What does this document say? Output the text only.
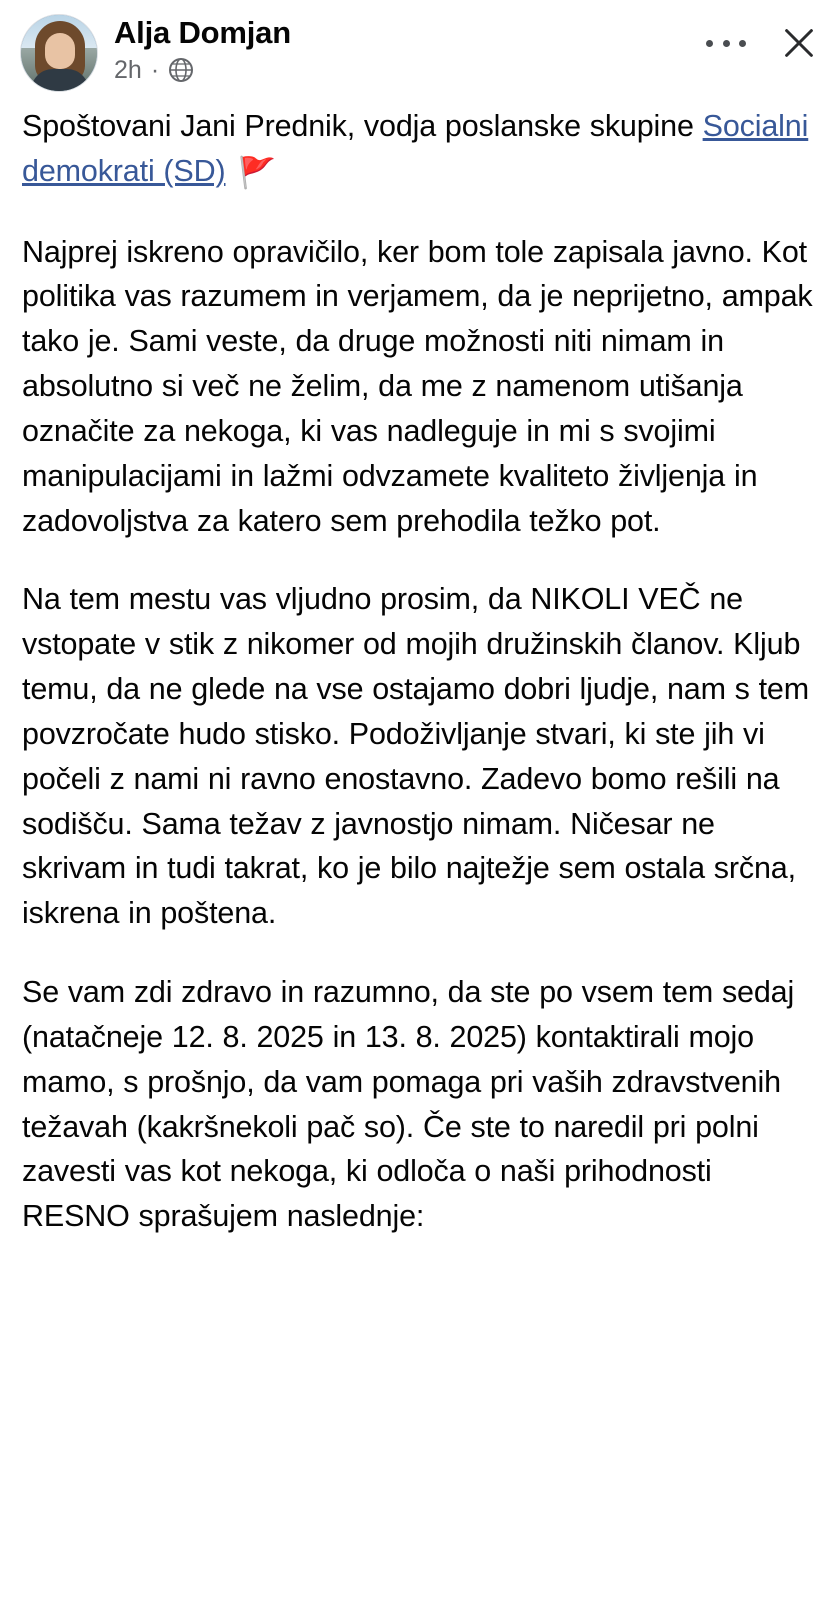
Alja Domjan
2h ·

Spoštovani Jani Prednik, vodja poslanske skupine Socialni demokrati (SD) 🚩

Najprej iskreno opravičilo, ker bom tole zapisala javno. Kot politika vas razumem in verjamem, da je neprijetno, ampak tako je. Sami veste, da druge možnosti niti nimam in absolutno si več ne želim, da me z namenom utišanja označite za nekoga, ki vas nadleguje in mi s svojimi manipulacijami in lažmi odvzamete kvaliteto življenja in zadovoljstva za katero sem prehodila težko pot.

Na tem mestu vas vljudno prosim, da NIKOLI VEČ ne vstopate v stik z nikomer od mojih družinskih članov. Kljub temu, da ne glede na vse ostajamo dobri ljudje, nam s tem povzročate hudo stisko. Podoživljanje stvari, ki ste jih vi počeli z nami ni ravno enostavno. Zadevo bomo rešili na sodišču. Sama težav z javnostjo nimam. Ničesar ne skrivam in tudi takrat, ko je bilo najtežje sem ostala srčna, iskrena in poštena.

Se vam zdi zdravo in razumno, da ste po vsem tem sedaj (natačneje 12. 8. 2025 in 13. 8. 2025) kontaktirali mojo mamo, s prošnjo, da vam pomaga pri vaših zdravstvenih težavah (kakršnekoli pač so). Če ste to naredil pri polni zavesti vas kot nekoga, ki odloča o naši prihodnosti RESNO sprašujem naslednje:
